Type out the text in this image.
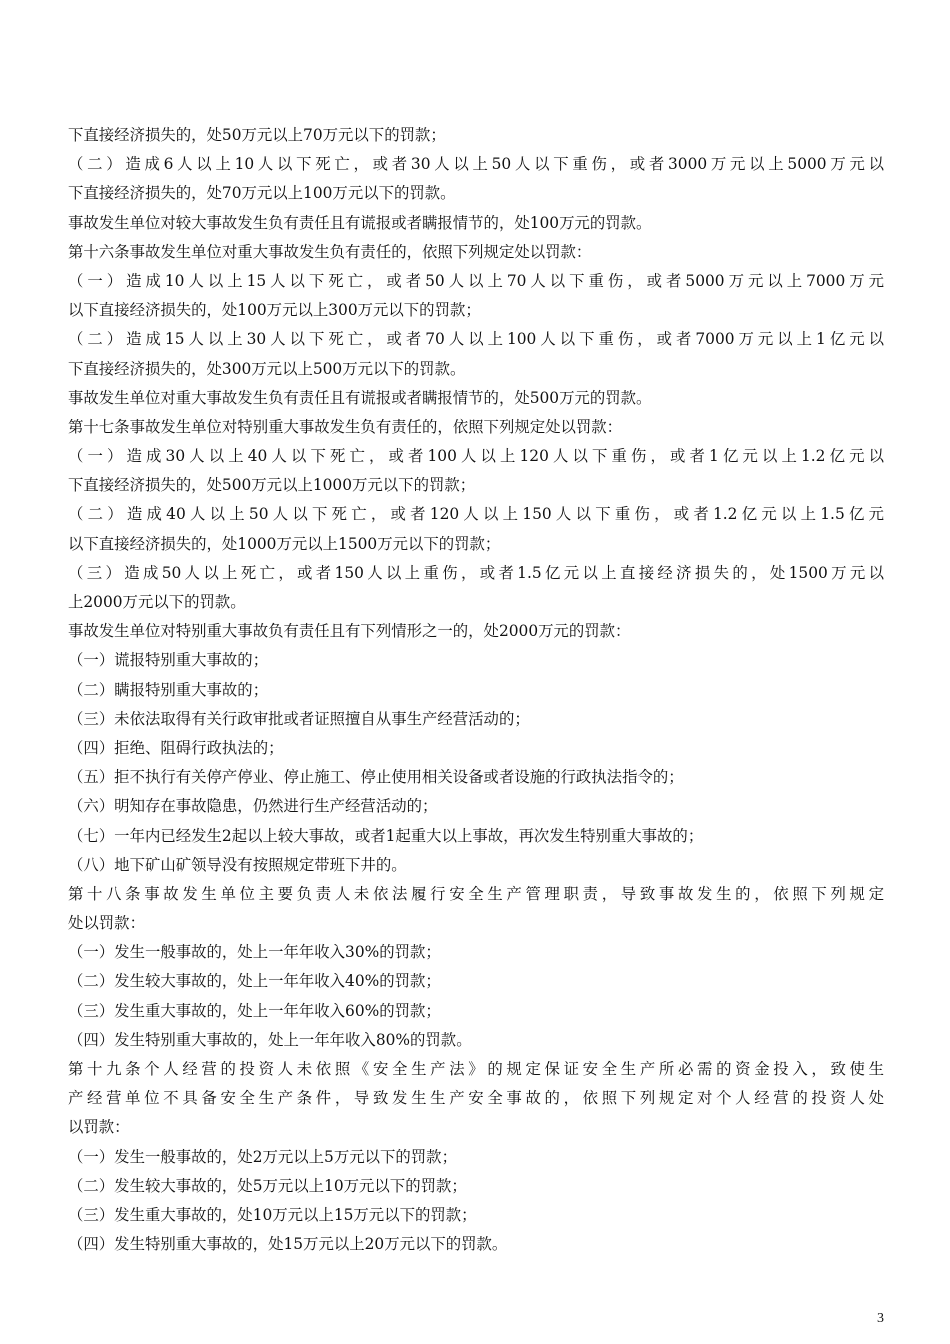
下直接经济损失的，处50万元以上70万元以下的罚款；
（二）造成6人以上10人以下死亡，或者30人以上50人以下重伤，或者3000万元以上5000万元以
下直接经济损失的，处70万元以上100万元以下的罚款。
事故发生单位对较大事故发生负有责任且有谎报或者瞒报情节的，处100万元的罚款。
第十六条事故发生单位对重大事故发生负有责任的，依照下列规定处以罚款：
（一）造成10人以上15人以下死亡，或者50人以上70人以下重伤，或者5000万元以上7000万元
以下直接经济损失的，处100万元以上300万元以下的罚款；
（二）造成15人以上30人以下死亡，或者70人以上100人以下重伤，或者7000万元以上1亿元以
下直接经济损失的，处300万元以上500万元以下的罚款。
事故发生单位对重大事故发生负有责任且有谎报或者瞒报情节的，处500万元的罚款。
第十七条事故发生单位对特别重大事故发生负有责任的，依照下列规定处以罚款：
（一）造成30人以上40人以下死亡，或者100人以上120人以下重伤，或者1亿元以上1.2亿元以
下直接经济损失的，处500万元以上1000万元以下的罚款；
（二）造成40人以上50人以下死亡，或者120人以上150人以下重伤，或者1.2亿元以上1.5亿元
以下直接经济损失的，处1000万元以上1500万元以下的罚款；
（三）造成50人以上死亡，或者150人以上重伤，或者1.5亿元以上直接经济损失的，处1500万元以
上2000万元以下的罚款。
事故发生单位对特别重大事故负有责任且有下列情形之一的，处2000万元的罚款：
（一）谎报特别重大事故的；
（二）瞒报特别重大事故的；
（三）未依法取得有关行政审批或者证照擅自从事生产经营活动的；
（四）拒绝、阻碍行政执法的；
（五）拒不执行有关停产停业、停止施工、停止使用相关设备或者设施的行政执法指令的；
（六）明知存在事故隐患，仍然进行生产经营活动的；
（七）一年内已经发生2起以上较大事故，或者1起重大以上事故，再次发生特别重大事故的；
（八）地下矿山矿领导没有按照规定带班下井的。
第十八条事故发生单位主要负责人未依法履行安全生产管理职责，导致事故发生的，依照下列规定
处以罚款：
（一）发生一般事故的，处上一年年收入30%的罚款；
（二）发生较大事故的，处上一年年收入40%的罚款；
（三）发生重大事故的，处上一年年收入60%的罚款；
（四）发生特别重大事故的，处上一年年收入80%的罚款。
第十九条个人经营的投资人未依照《安全生产法》的规定保证安全生产所必需的资金投入，致使生
产经营单位不具备安全生产条件，导致发生生产安全事故的，依照下列规定对个人经营的投资人处
以罚款：
（一）发生一般事故的，处2万元以上5万元以下的罚款；
（二）发生较大事故的，处5万元以上10万元以下的罚款；
（三）发生重大事故的，处10万元以上15万元以下的罚款；
（四）发生特别重大事故的，处15万元以上20万元以下的罚款。
3
